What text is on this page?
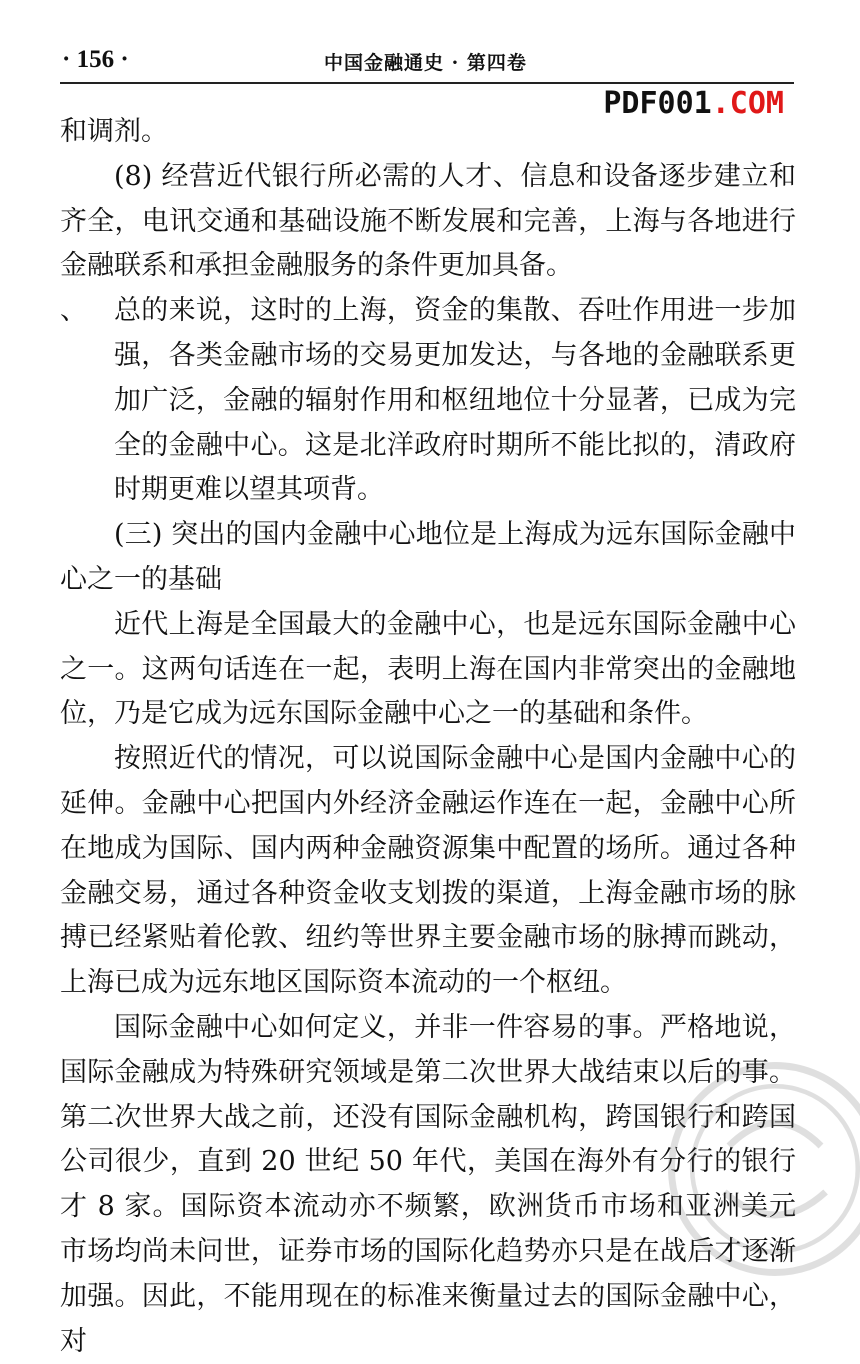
· 156 ·	中国金融通史 · 第四卷
PDF001.COM

和调剂。

(8) 经营近代银行所必需的人才、信息和设备逐步建立和齐全，电讯交通和基础设施不断发展和完善，上海与各地进行金融联系和承担金融服务的条件更加具备。

、 总的来说，这时的上海，资金的集散、吞吐作用进一步加强，各类金融市场的交易更加发达，与各地的金融联系更加广泛，金融的辐射作用和枢纽地位十分显著，已成为完全的金融中心。这是北洋政府时期所不能比拟的，清政府时期更难以望其项背。

(三) 突出的国内金融中心地位是上海成为远东国际金融中心之一的基础

近代上海是全国最大的金融中心，也是远东国际金融中心之一。这两句话连在一起，表明上海在国内非常突出的金融地位，乃是它成为远东国际金融中心之一的基础和条件。

按照近代的情况，可以说国际金融中心是国内金融中心的延伸。金融中心把国内外经济金融运作连在一起，金融中心所在地成为国际、国内两种金融资源集中配置的场所。通过各种金融交易，通过各种资金收支划拨的渠道，上海金融市场的脉搏已经紧贴着伦敦、纽约等世界主要金融市场的脉搏而跳动，上海已成为远东地区国际资本流动的一个枢纽。

国际金融中心如何定义，并非一件容易的事。严格地说，国际金融成为特殊研究领域是第二次世界大战结束以后的事。第二次世界大战之前，还没有国际金融机构，跨国银行和跨国公司很少，直到 20 世纪 50 年代，美国在海外有分行的银行才 8 家。国际资本流动亦不频繁，欧洲货币市场和亚洲美元市场均尚未问世，证券市场的国际化趋势亦只是在战后才逐渐加强。因此，不能用现在的标准来衡量过去的国际金融中心，对
